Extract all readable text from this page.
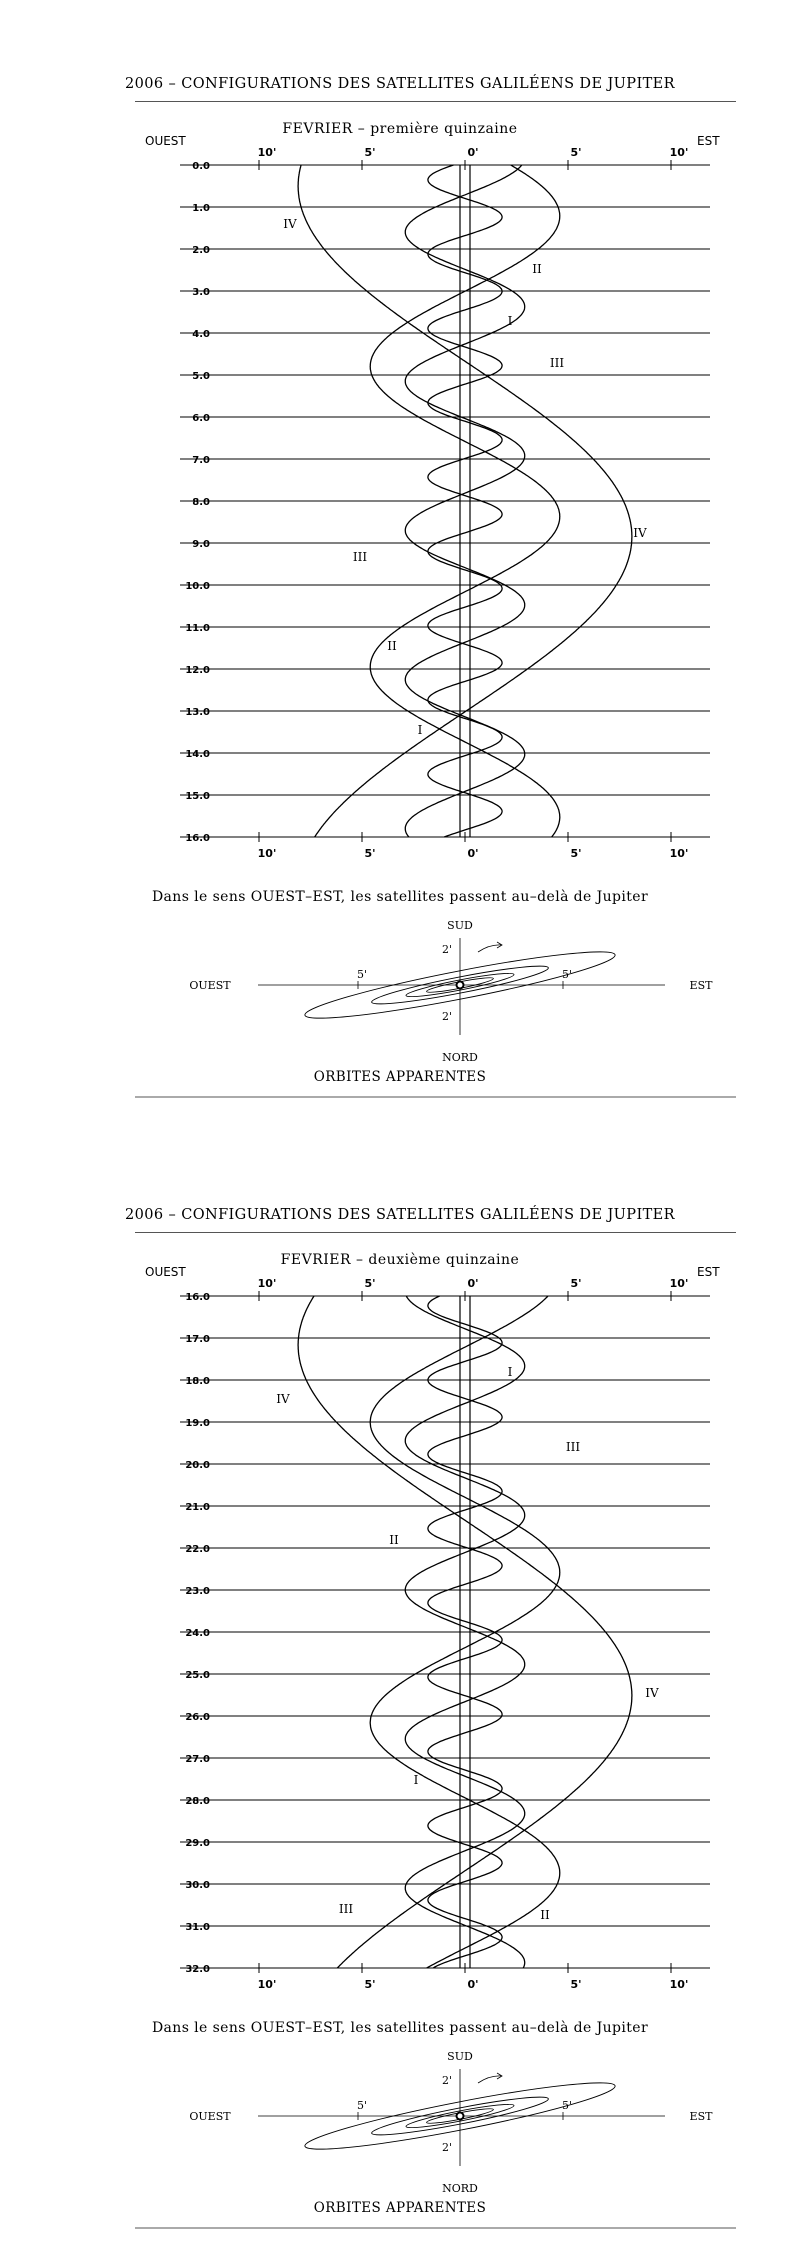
2006 – CONFIGURATIONS DES SATELLITES GALILÉENS DE JUPITER
FEVRIER – première quinzaine
OUEST	EST
10'
10'
5'
5'
0'
0'
5'
5'
10'
10'
0.0
1.0
2.0
3.0
4.0
5.0
6.0
7.0
8.0
9.0
10.0
11.0
12.0
13.0
14.0
15.0
16.0
I
II
III
IV
I
II
III
IV
SUD
NORD
OUEST	EST
5'	5'
2'
2'
Dans le sens OUEST–EST, les satellites passent au–delà de Jupiter
ORBITES APPARENTES
2006 – CONFIGURATIONS DES SATELLITES GALILÉENS DE JUPITER
FEVRIER – deuxième quinzaine
OUEST	EST
10'
10'
5'
5'
0'
0'
5'
5'
10'
10'
16.0
17.0
18.0
19.0
20.0
21.0
22.0
23.0
24.0
25.0
26.0
27.0
28.0
29.0
30.0
31.0
32.0
I
II
III
IV
I
II
III
IV
SUD
NORD
OUEST	EST
5'	5'
2'
2'
Dans le sens OUEST–EST, les satellites passent au–delà de Jupiter
ORBITES APPARENTES
